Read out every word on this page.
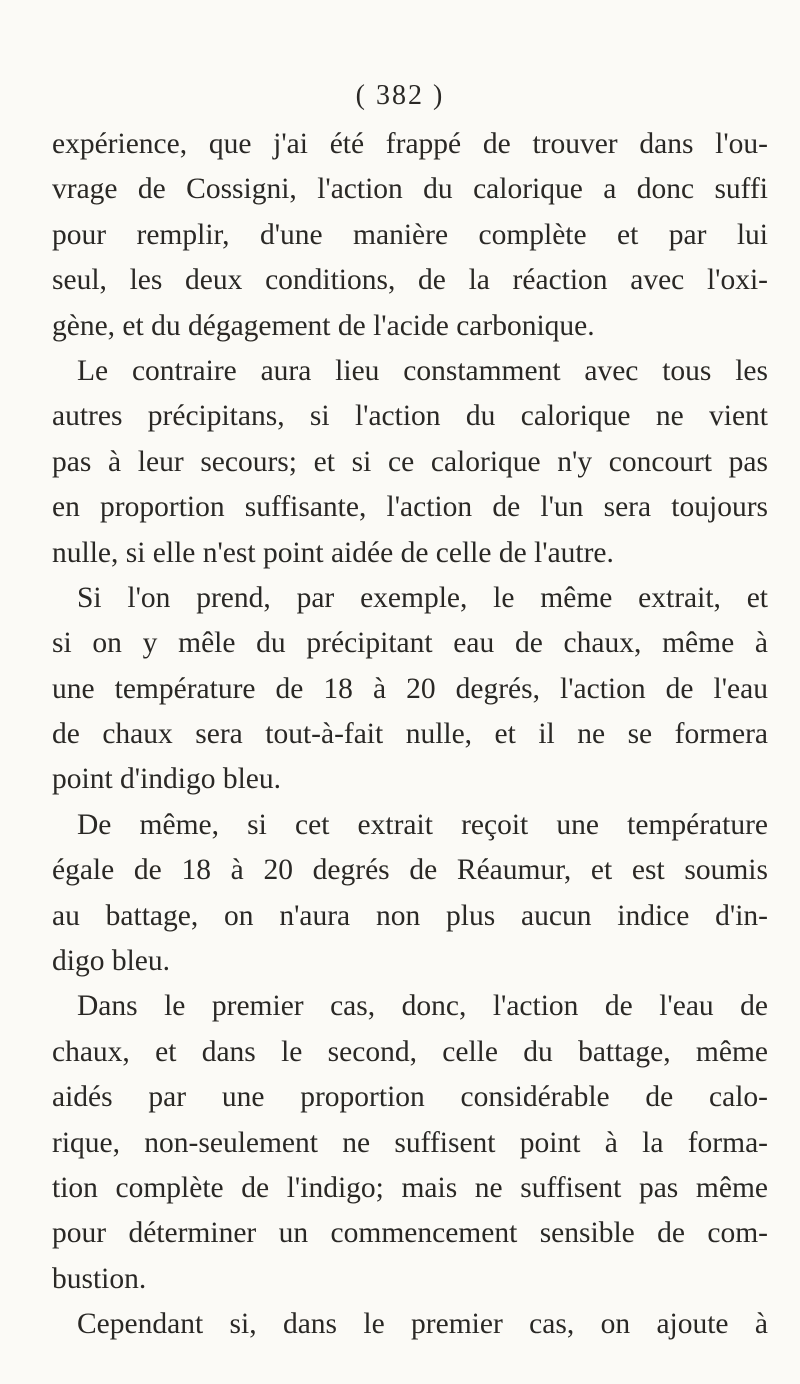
( 382 )
expérience, que j'ai été frappé de trouver dans l'ou-
vrage de Cossigni, l'action du calorique a donc suffi
pour remplir, d'une manière complète et par lui
seul, les deux conditions, de la réaction avec l'oxi-
gène, et du dégagement de l'acide carbonique.
Le contraire aura lieu constamment avec tous les
autres précipitans, si l'action du calorique ne vient
pas à leur secours; et si ce calorique n'y concourt pas
en proportion suffisante, l'action de l'un sera toujours
nulle, si elle n'est point aidée de celle de l'autre.
Si l'on prend, par exemple, le même extrait, et
si on y mêle du précipitant eau de chaux, même à
une température de 18 à 20 degrés, l'action de l'eau
de chaux sera tout-à-fait nulle, et il ne se formera
point d'indigo bleu.
De même, si cet extrait reçoit une température
égale de 18 à 20 degrés de Réaumur, et est soumis
au battage, on n'aura non plus aucun indice d'in-
digo bleu.
Dans le premier cas, donc, l'action de l'eau de
chaux, et dans le second, celle du battage, même
aidés par une proportion considérable de calo-
rique, non-seulement ne suffisent point à la forma-
tion complète de l'indigo; mais ne suffisent pas même
pour déterminer un commencement sensible de com-
bustion.
Cependant si, dans le premier cas, on ajoute à
